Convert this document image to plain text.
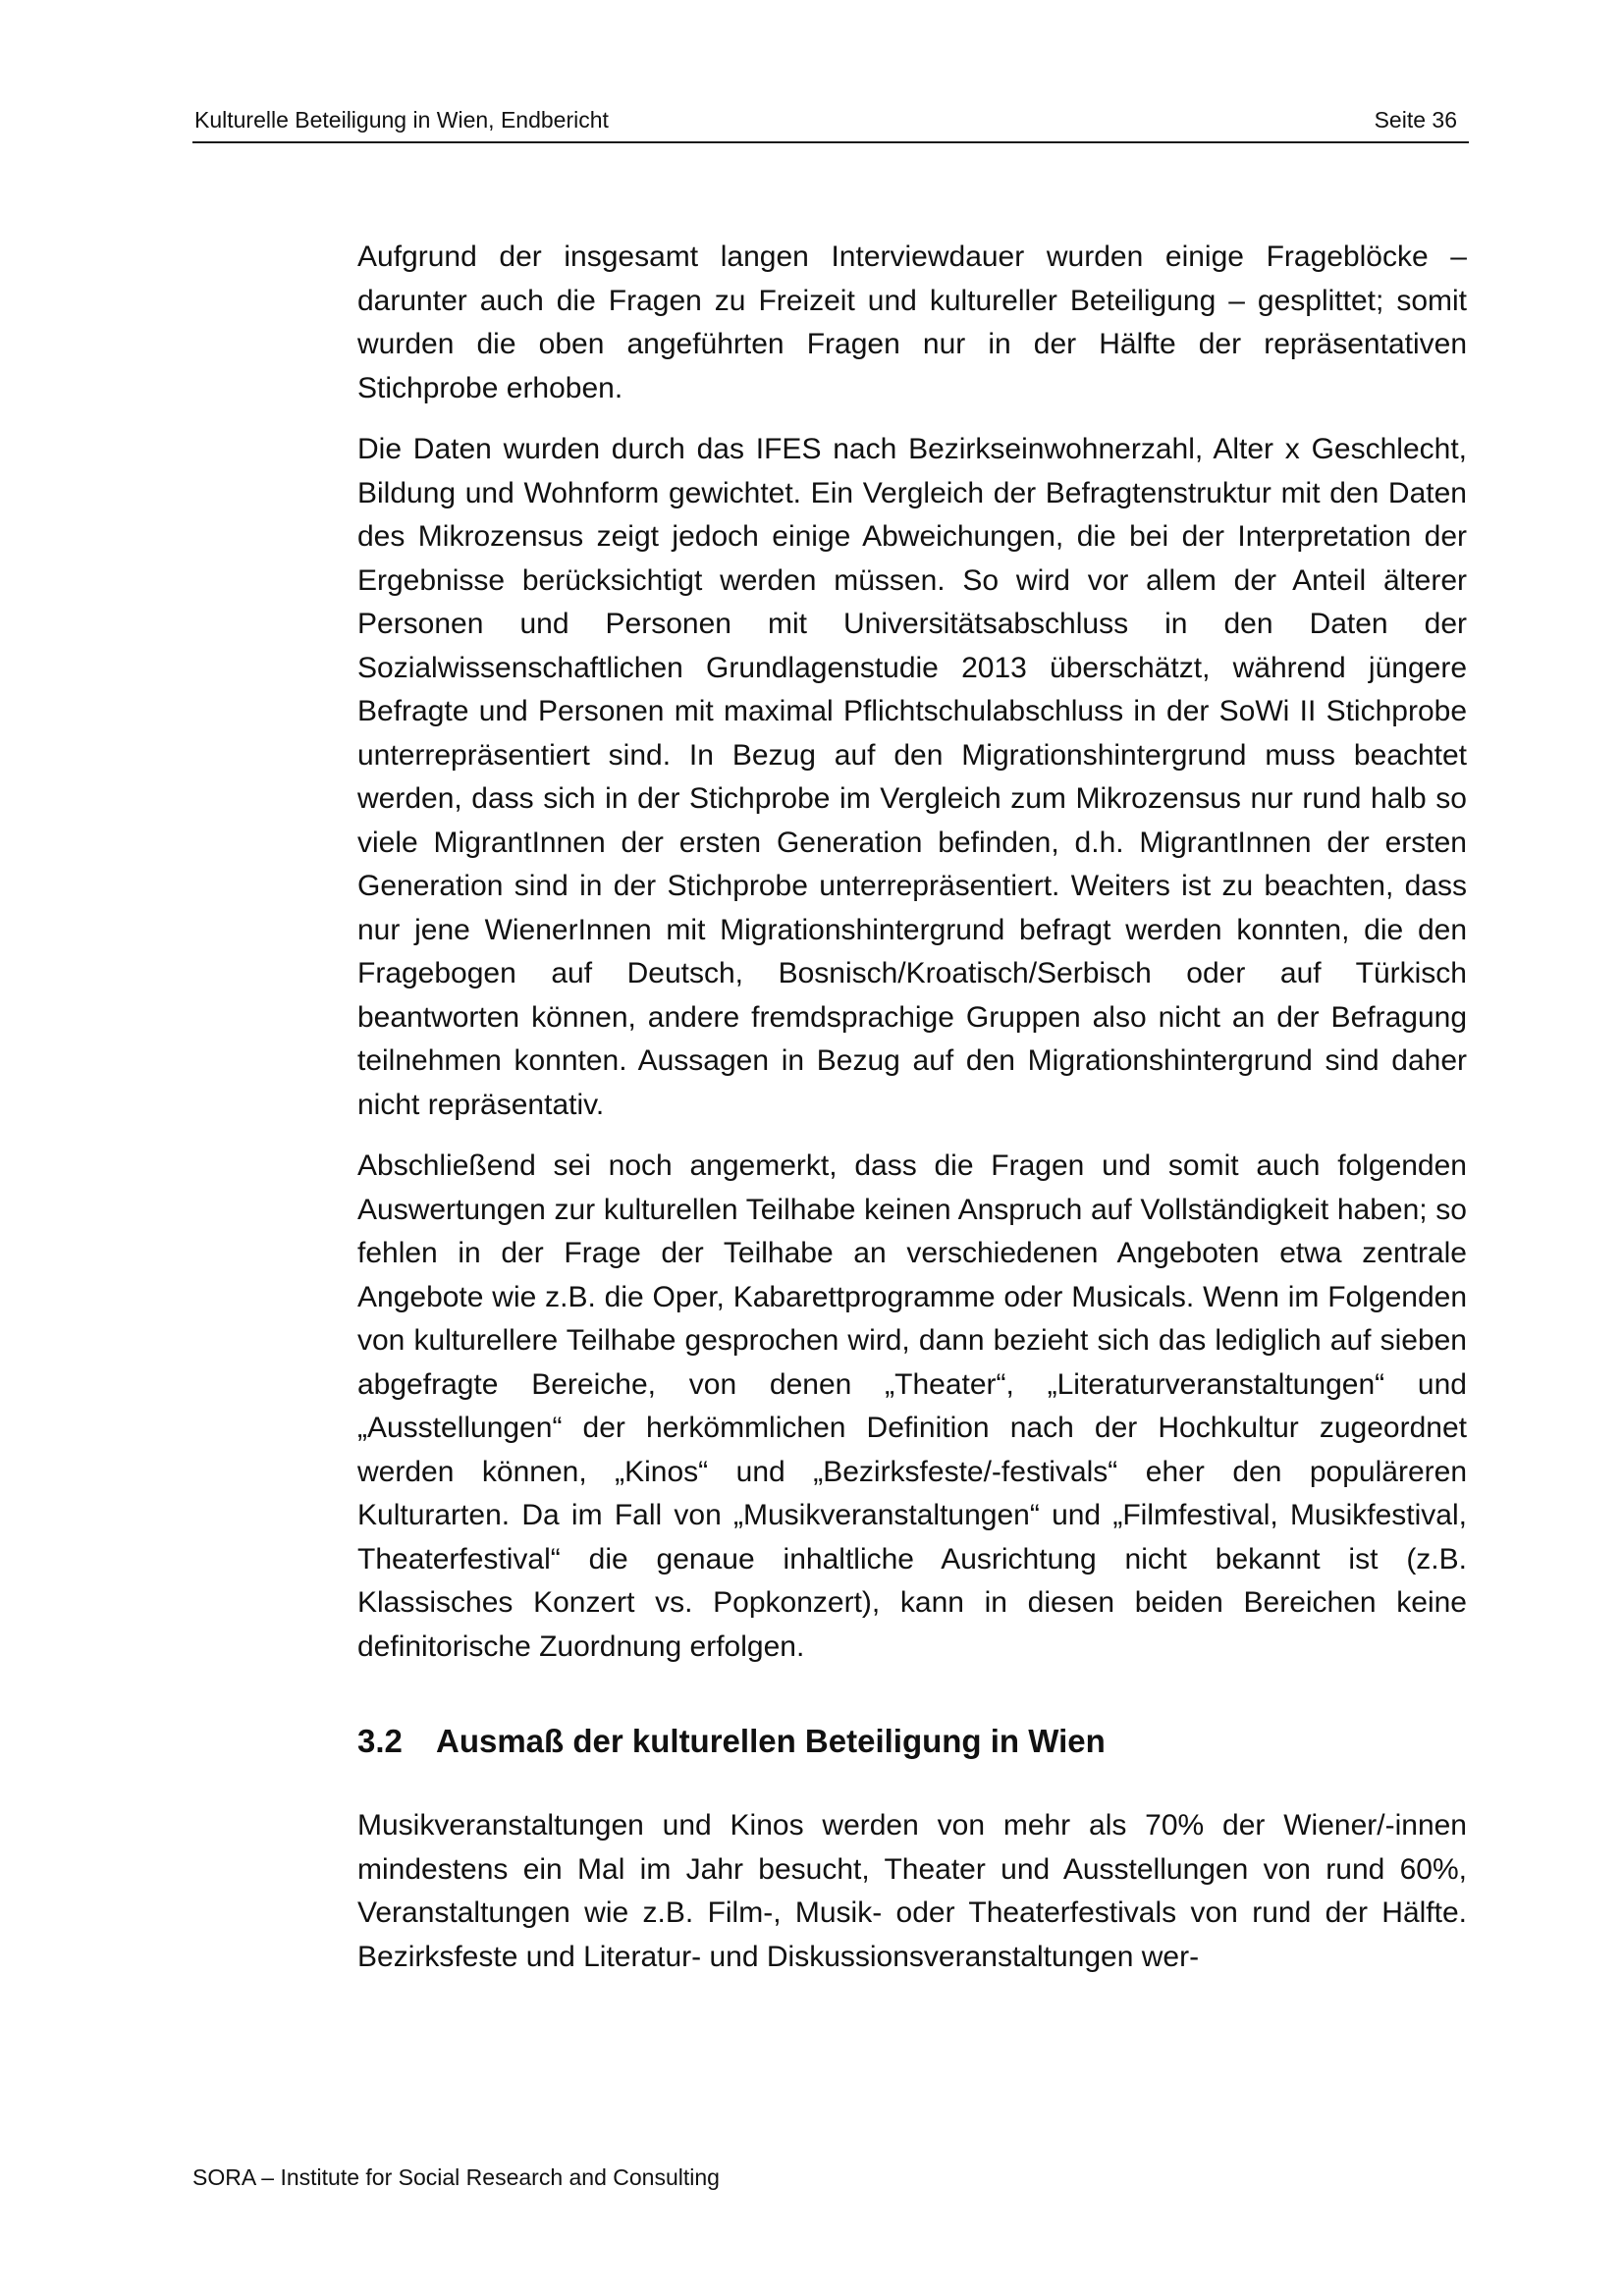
Kulturelle Beteiligung in Wien, Endbericht	Seite 36

Aufgrund der insgesamt langen Interviewdauer wurden einige Frageblöcke – darunter auch die Fragen zu Freizeit und kultureller Beteiligung – gesplittet; somit wurden die oben angeführten Fragen nur in der Hälfte der repräsentativen Stichprobe erhoben.

Die Daten wurden durch das IFES nach Bezirkseinwohnerzahl, Alter x Geschlecht, Bildung und Wohnform gewichtet. Ein Vergleich der Befragtenstruktur mit den Daten des Mikrozensus zeigt jedoch einige Abweichungen, die bei der Interpretation der Ergebnisse berücksichtigt werden müssen. So wird vor allem der Anteil älterer Personen und Personen mit Universitätsabschluss in den Daten der Sozialwissenschaftlichen Grundlagenstudie 2013 überschätzt, während jüngere Befragte und Personen mit maximal Pflichtschulabschluss in der SoWi II Stichprobe unterrepräsentiert sind. In Bezug auf den Migrationshintergrund muss beachtet werden, dass sich in der Stichprobe im Vergleich zum Mikrozensus nur rund halb so viele MigrantInnen der ersten Generation befinden, d.h. MigrantInnen der ersten Generation sind in der Stichprobe unterrepräsentiert. Weiters ist zu beachten, dass nur jene WienerInnen mit Migrationshintergrund befragt werden konnten, die den Fragebogen auf Deutsch, Bosnisch/Kroatisch/Serbisch oder auf Türkisch beantworten können, andere fremdsprachige Gruppen also nicht an der Befragung teilnehmen konnten. Aussagen in Bezug auf den Migrationshintergrund sind daher nicht repräsentativ.

Abschließend sei noch angemerkt, dass die Fragen und somit auch folgenden Auswertungen zur kulturellen Teilhabe keinen Anspruch auf Vollständigkeit haben; so fehlen in der Frage der Teilhabe an verschiedenen Angeboten etwa zentrale Angebote wie z.B. die Oper, Kabarettprogramme oder Musicals. Wenn im Folgenden von kulturellere Teilhabe gesprochen wird, dann bezieht sich das lediglich auf sieben abgefragte Bereiche, von denen „Theater“, „Literaturveranstaltungen“ und „Ausstellungen“ der herkömmlichen Definition nach der Hochkultur zugeordnet werden können, „Kinos“ und „Bezirksfeste/-festivals“ eher den populäreren Kulturarten. Da im Fall von „Musikveranstaltungen“ und „Filmfestival, Musikfestival, Theaterfestival“ die genaue inhaltliche Ausrichtung nicht bekannt ist (z.B. Klassisches Konzert vs. Popkonzert), kann in diesen beiden Bereichen keine definitorische Zuordnung erfolgen.

3.2 Ausmaß der kulturellen Beteiligung in Wien

Musikveranstaltungen und Kinos werden von mehr als 70% der Wiener/-innen mindestens ein Mal im Jahr besucht, Theater und Ausstellungen von rund 60%, Veranstaltungen wie z.B. Film-, Musik- oder Theaterfestivals von rund der Hälfte. Bezirksfeste und Literatur- und Diskussionsveranstaltungen wer-

SORA – Institute for Social Research and Consulting
